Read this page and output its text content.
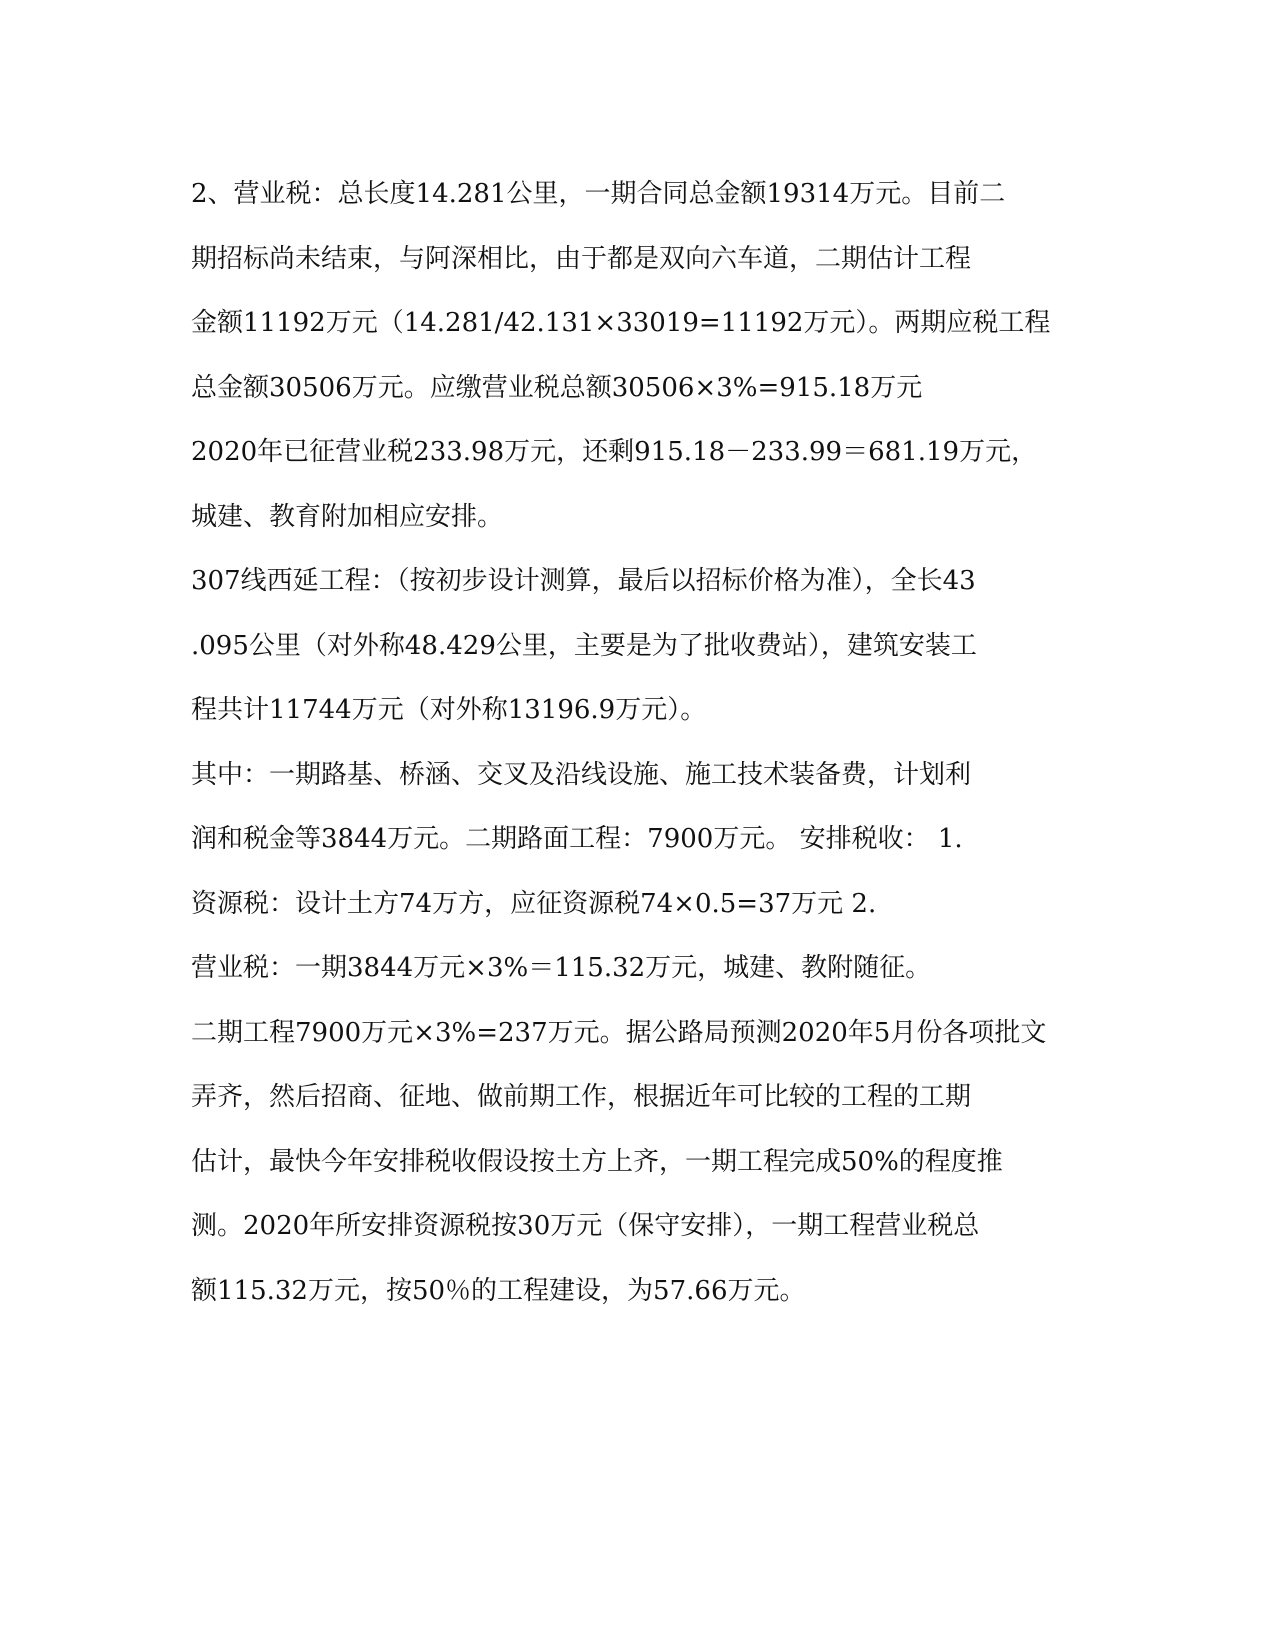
2、营业税：总长度14.281公里，一期合同总金额19314万元。目前二
期招标尚未结束，与阿深相比，由于都是双向六车道，二期估计工程
金额11192万元（14.281/42.131×33019=11192万元）。两期应税工程
总金额30506万元。应缴营业税总额30506×3%=915.18万元
2020年已征营业税233.98万元，还剩915.18－233.99＝681.19万元，
城建、教育附加相应安排。
307线西延工程：（按初步设计测算，最后以招标价格为准），全长43
.095公里（对外称48.429公里，主要是为了批收费站），建筑安装工
程共计11744万元（对外称13196.9万元）。
其中：一期路基、桥涵、交叉及沿线设施、施工技术装备费，计划利
润和税金等3844万元。二期路面工程：7900万元。 安排税收： 1.
资源税：设计土方74万方，应征资源税74×0.5=37万元 2.
营业税：一期3844万元×3%＝115.32万元，城建、教附随征。
二期工程7900万元×3%=237万元。据公路局预测2020年5月份各项批文
弄齐，然后招商、征地、做前期工作，根据近年可比较的工程的工期
估计，最快今年安排税收假设按土方上齐，一期工程完成50%的程度推
测。2020年所安排资源税按30万元（保守安排），一期工程营业税总
额115.32万元，按50％的工程建设，为57.66万元。
